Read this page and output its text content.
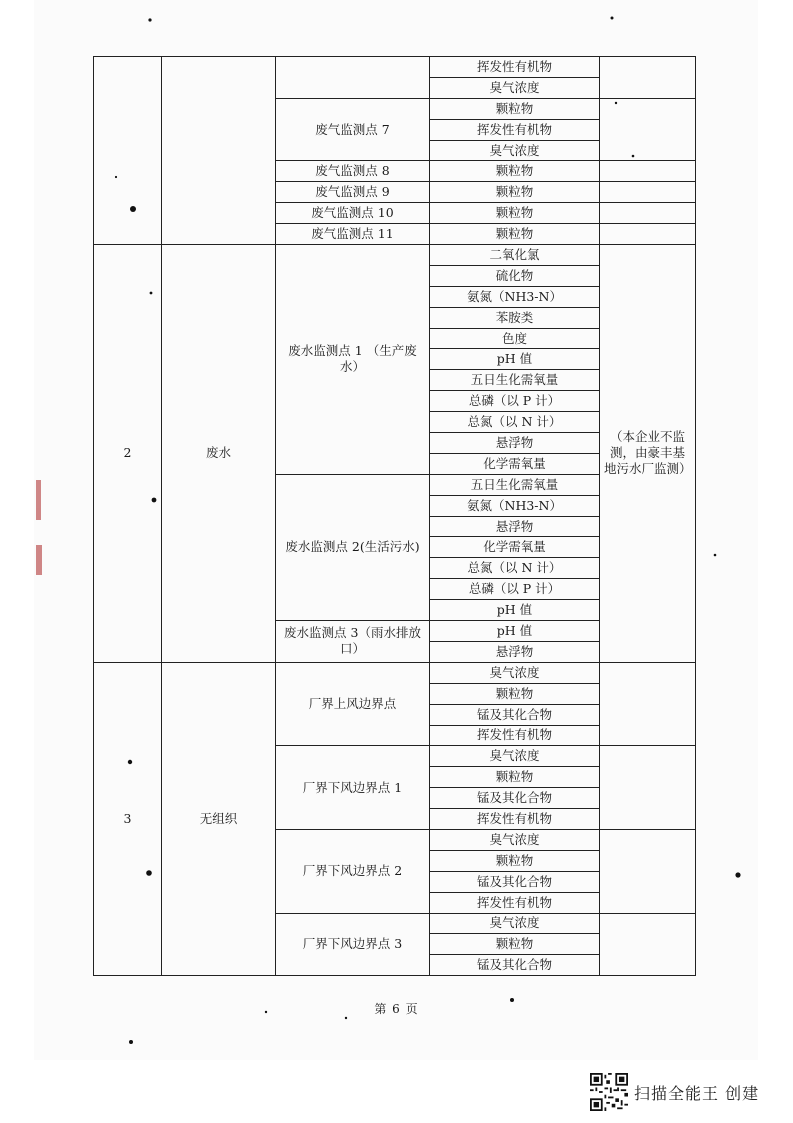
			挥发性有机物	
			臭气浓度	
		废气监测点 7	颗粒物	
			挥发性有机物	
			臭气浓度	
		废气监测点 8	颗粒物	
		废气监测点 9	颗粒物	
		废气监测点 10	颗粒物	
		废气监测点 11	颗粒物	
2	废水	废水监测点 1 （生产废水）	二氧化氯	（本企业不监测，由豪丰基地污水厂监测）
			硫化物	
			氨氮（NH3-N）	
			苯胺类	
			色度	
			pH 值	
			五日生化需氧量	
			总磷（以 P 计）	
			总氮（以 N 计）	
			悬浮物	
			化学需氧量	
		废水监测点 2(生活污水)	五日生化需氧量	
			氨氮（NH3-N）	
			悬浮物	
			化学需氧量	
			总氮（以 N 计）	
			总磷（以 P 计）	
			pH 值	
		废水监测点 3（雨水排放口）	pH 值	
			悬浮物	
3	无组织	厂界上风边界点	臭气浓度	
			颗粒物	
			锰及其化合物	
			挥发性有机物	
		厂界下风边界点 1	臭气浓度	
			颗粒物	
			锰及其化合物	
			挥发性有机物	
		厂界下风边界点 2	臭气浓度	
			颗粒物	
			锰及其化合物	
			挥发性有机物	
		厂界下风边界点 3	臭气浓度	
			颗粒物	
			锰及其化合物	
第 6 页
扫描全能王 创建
